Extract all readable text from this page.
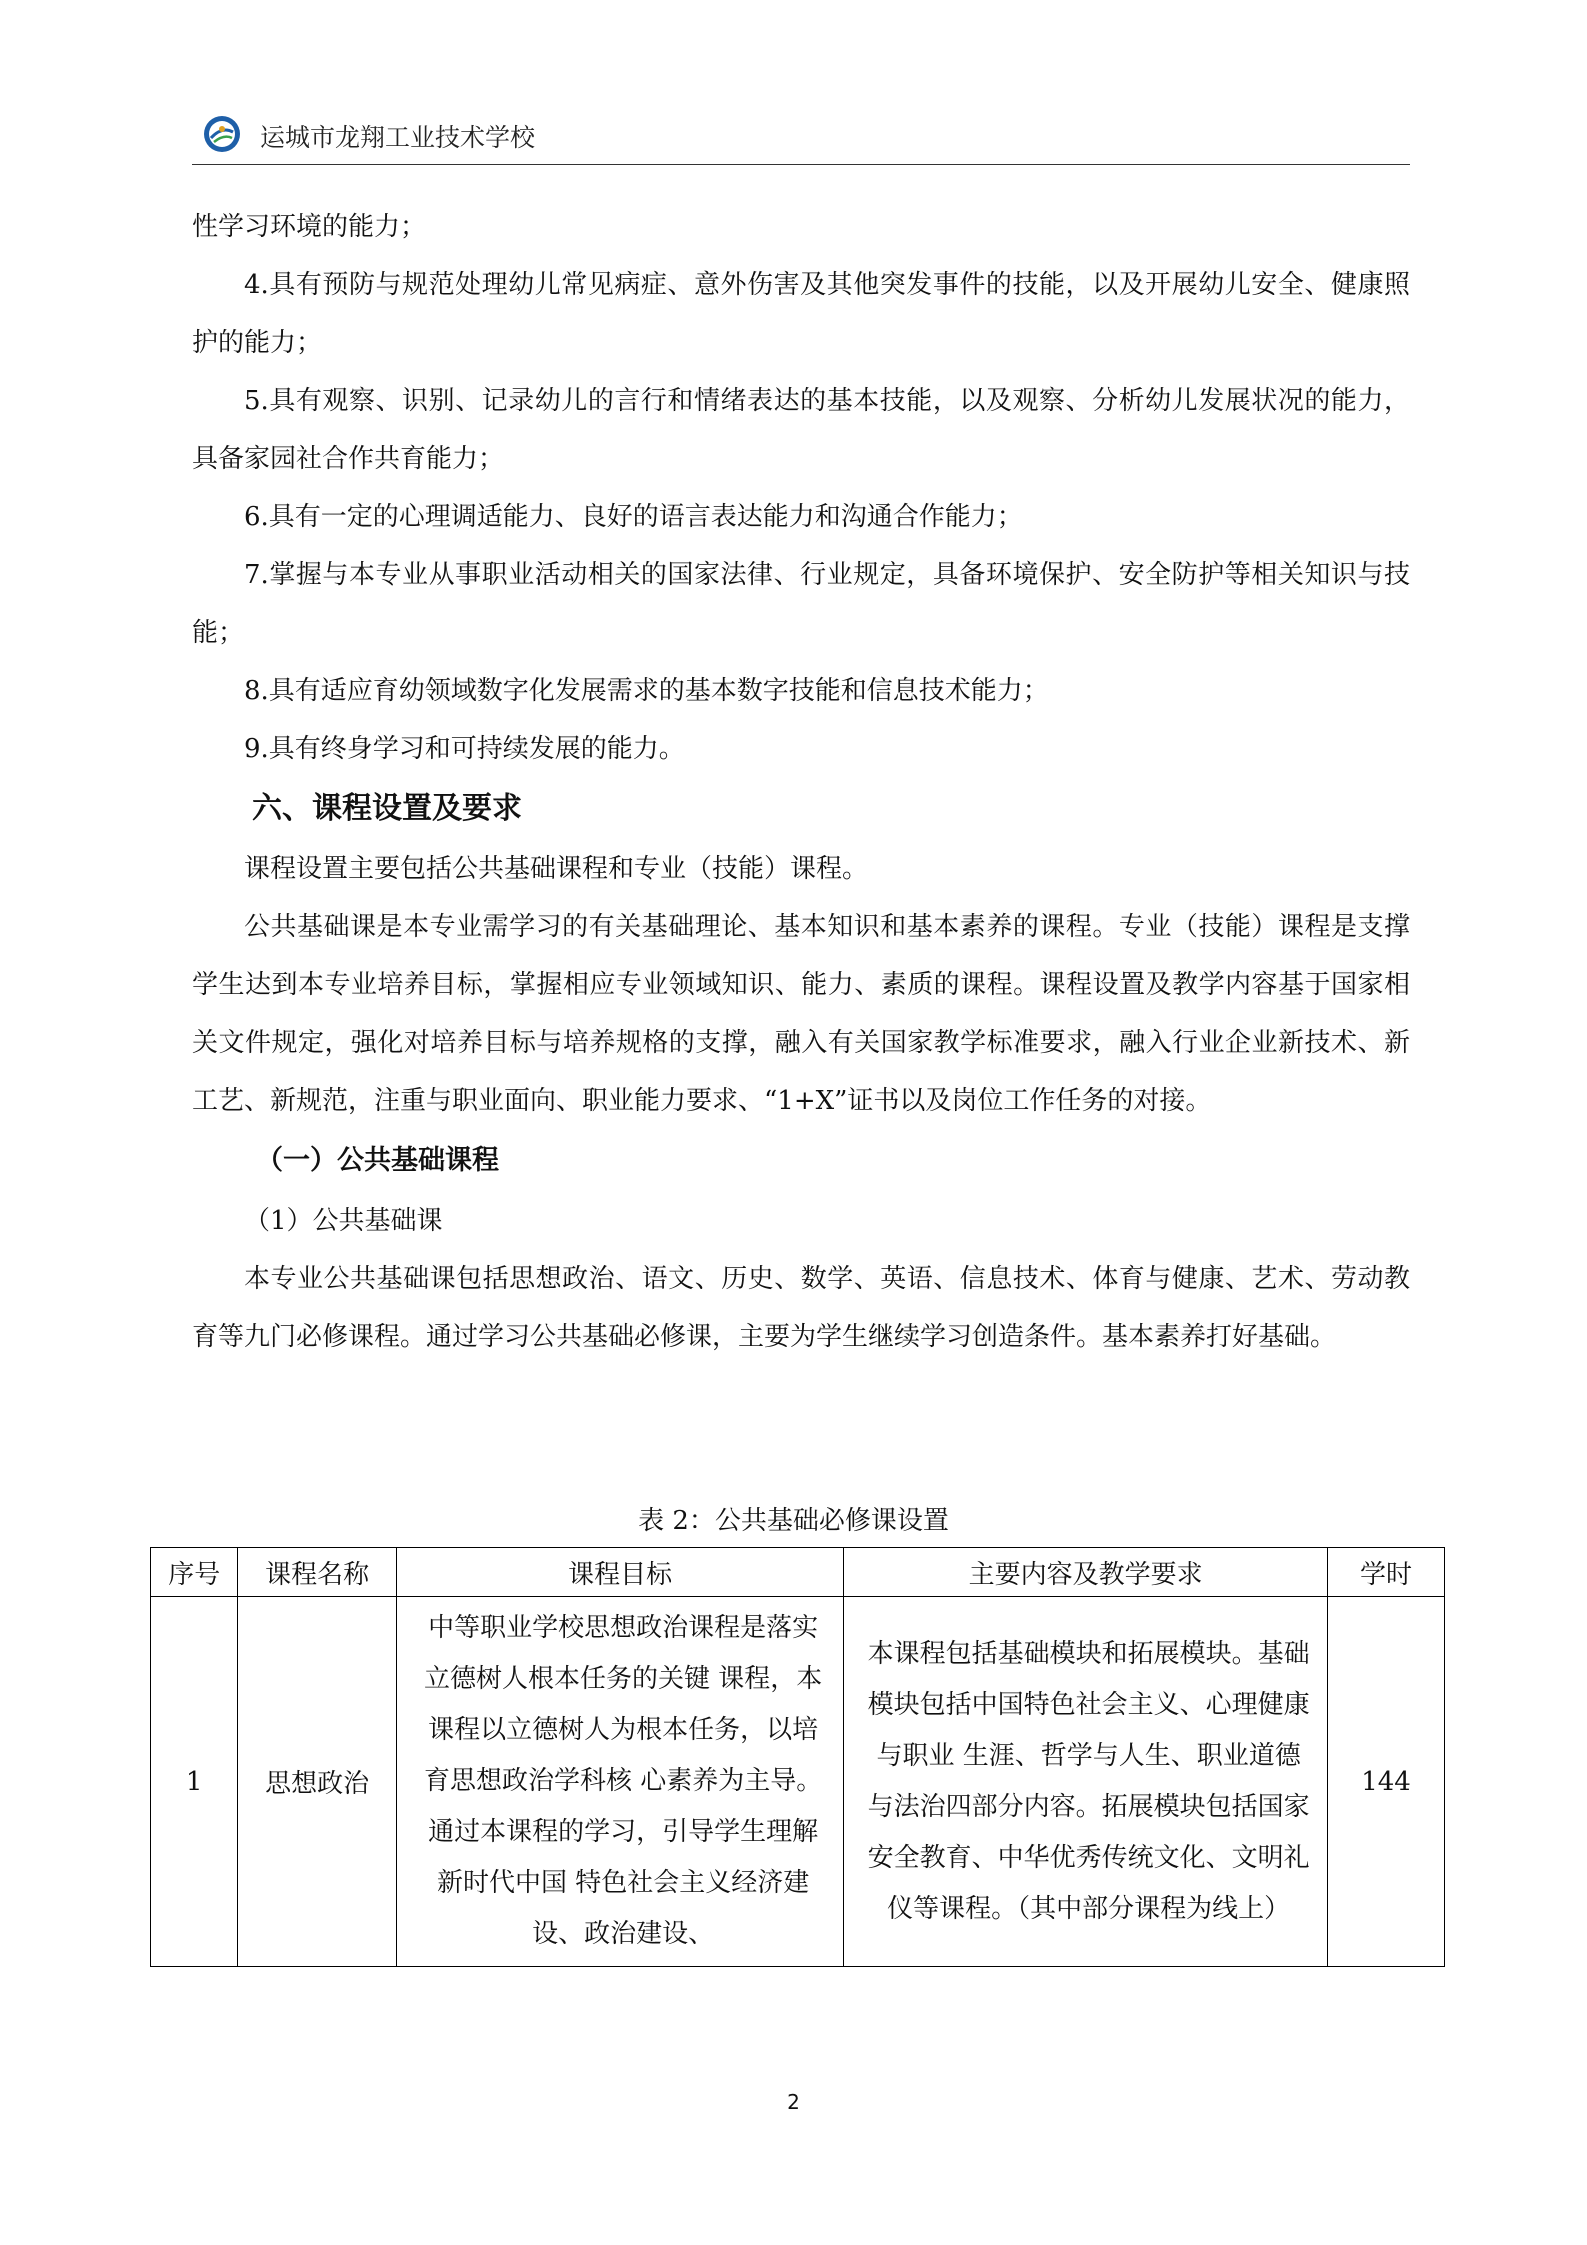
运城市龙翔工业技术学校

性学习环境的能力；

4.具有预防与规范处理幼儿常见病症、意外伤害及其他突发事件的技能，以及开展幼儿安全、健康照护的能力；

5.具有观察、识别、记录幼儿的言行和情绪表达的基本技能，以及观察、分析幼儿发展状况的能力，具备家园社合作共育能力；

6.具有一定的心理调适能力、良好的语言表达能力和沟通合作能力；

7.掌握与本专业从事职业活动相关的国家法律、行业规定，具备环境保护、安全防护等相关知识与技能；

8.具有适应育幼领域数字化发展需求的基本数字技能和信息技术能力；

9.具有终身学习和可持续发展的能力。

六、课程设置及要求

课程设置主要包括公共基础课程和专业（技能）课程。

公共基础课是本专业需学习的有关基础理论、基本知识和基本素养的课程。专业（技能）课程是支撑学生达到本专业培养目标，掌握相应专业领域知识、能力、素质的课程。课程设置及教学内容基于国家相关文件规定，强化对培养目标与培养规格的支撑，融入有关国家教学标准要求，融入行业企业新技术、新工艺、新规范，注重与职业面向、职业能力要求、“1+X”证书以及岗位工作任务的对接。

（一）公共基础课程

（1）公共基础课

本专业公共基础课包括思想政治、语文、历史、数学、英语、信息技术、体育与健康、艺术、劳动教育等九门必修课程。通过学习公共基础必修课，主要为学生继续学习创造条件。基本素养打好基础。

表 2：公共基础必修课设置
序号	课程名称	课程目标	主要内容及教学要求	学时
1	思想政治	中等职业学校思想政治课程是落实立德树人根本任务的关键 课程，本课程以立德树人为根本任务，以培育思想政治学科核 心素养为主导。通过本课程的学习，引导学生理解新时代中国 特色社会主义经济建设、政治建设、	本课程包括基础模块和拓展模块。基础模块包括中国特色社会主义、心理健康与职业 生涯、哲学与人生、职业道德与法治四部分内容。拓展模块包括国家安全教育、中华优秀传统文化、文明礼仪等课程。（其中部分课程为线上）	144
2
